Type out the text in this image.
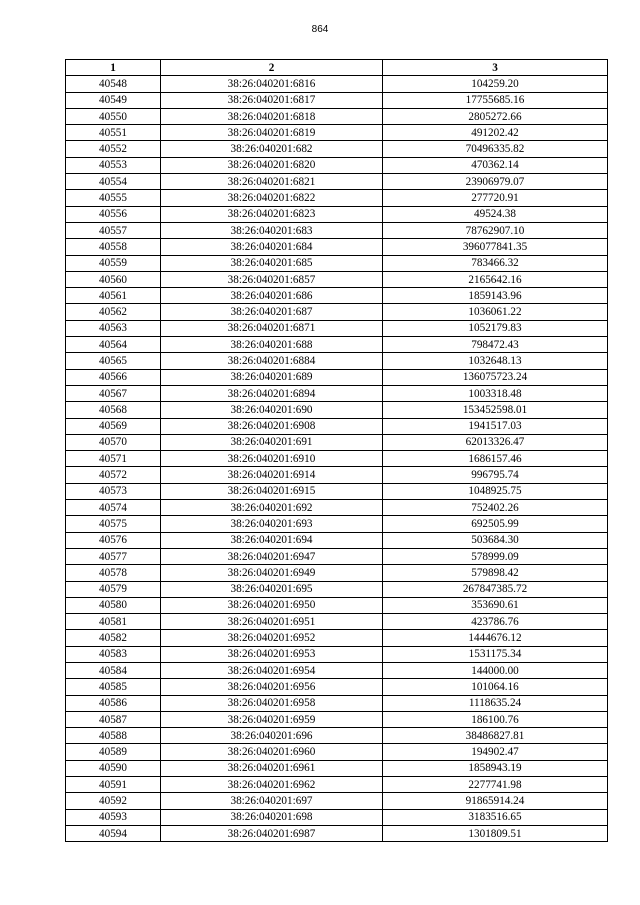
864
1	2	3
40548	38:26:040201:6816	104259.20
40549	38:26:040201:6817	17755685.16
40550	38:26:040201:6818	2805272.66
40551	38:26:040201:6819	491202.42
40552	38:26:040201:682	70496335.82
40553	38:26:040201:6820	470362.14
40554	38:26:040201:6821	23906979.07
40555	38:26:040201:6822	277720.91
40556	38:26:040201:6823	49524.38
40557	38:26:040201:683	78762907.10
40558	38:26:040201:684	396077841.35
40559	38:26:040201:685	783466.32
40560	38:26:040201:6857	2165642.16
40561	38:26:040201:686	1859143.96
40562	38:26:040201:687	1036061.22
40563	38:26:040201:6871	1052179.83
40564	38:26:040201:688	798472.43
40565	38:26:040201:6884	1032648.13
40566	38:26:040201:689	136075723.24
40567	38:26:040201:6894	1003318.48
40568	38:26:040201:690	153452598.01
40569	38:26:040201:6908	1941517.03
40570	38:26:040201:691	62013326.47
40571	38:26:040201:6910	1686157.46
40572	38:26:040201:6914	996795.74
40573	38:26:040201:6915	1048925.75
40574	38:26:040201:692	752402.26
40575	38:26:040201:693	692505.99
40576	38:26:040201:694	503684.30
40577	38:26:040201:6947	578999.09
40578	38:26:040201:6949	579898.42
40579	38:26:040201:695	267847385.72
40580	38:26:040201:6950	353690.61
40581	38:26:040201:6951	423786.76
40582	38:26:040201:6952	1444676.12
40583	38:26:040201:6953	1531175.34
40584	38:26:040201:6954	144000.00
40585	38:26:040201:6956	101064.16
40586	38:26:040201:6958	1118635.24
40587	38:26:040201:6959	186100.76
40588	38:26:040201:696	38486827.81
40589	38:26:040201:6960	194902.47
40590	38:26:040201:6961	1858943.19
40591	38:26:040201:6962	2277741.98
40592	38:26:040201:697	91865914.24
40593	38:26:040201:698	3183516.65
40594	38:26:040201:6987	1301809.51
